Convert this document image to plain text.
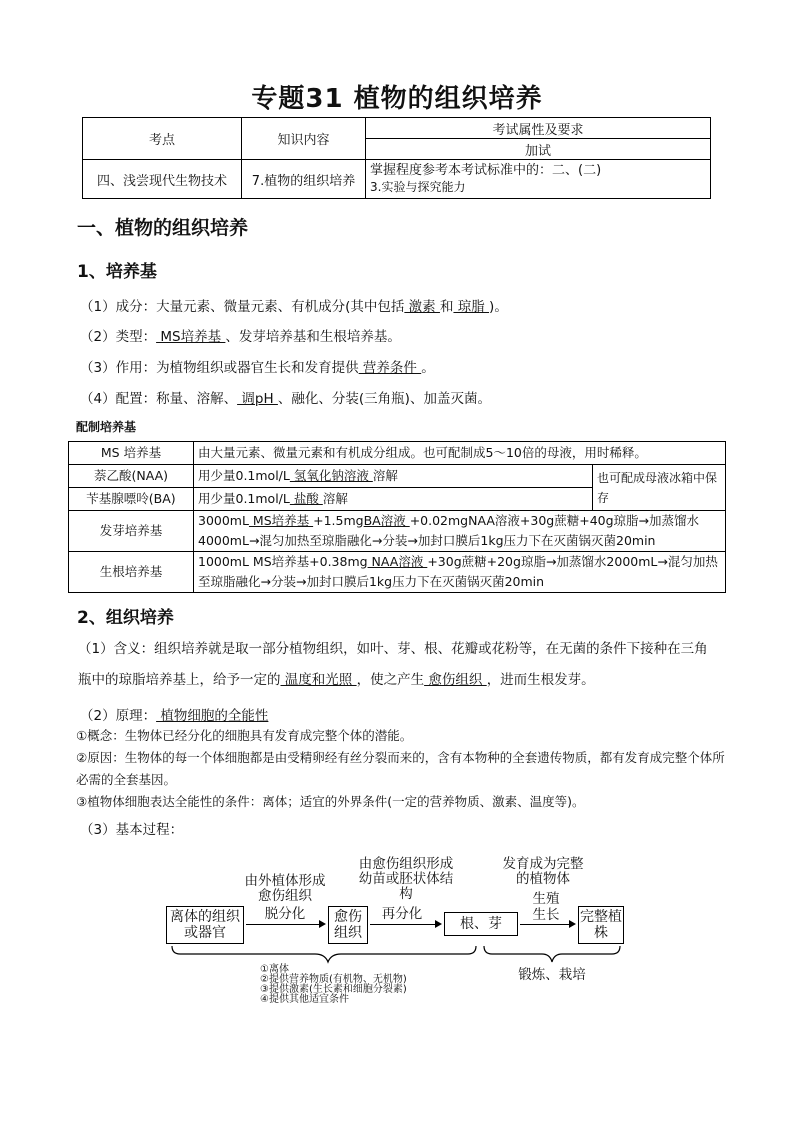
专题31 植物的组织培养
考点	知识内容	考试属性及要求
		加试
四、浅尝现代生物技术	7.植物的组织培养	掌握程度参考本考试标准中的：二、(二)
3.实验与探究能力
一、植物的组织培养
1、培养基
（1）成分：大量元素、微量元素、有机成分(其中包括 激素 和 琼脂 )。
（2）类型： MS培养基 、发芽培养基和生根培养基。
（3）作用：为植物组织或器官生长和发育提供 营养条件 。
（4）配置：称量、溶解、 调pH 、融化、分装(三角瓶)、加盖灭菌。
配制培养基
MS 培养基	由大量元素、微量元素和有机成分组成。也可配制成5～10倍的母液，用时稀释。	
萘乙酸(NAA)	用少量0.1mol/L 氢氧化钠溶液 溶解	也可配成母液冰箱中保存
苄基腺嘌呤(BA)	用少量0.1mol/L 盐酸 溶解	
发芽培养基	3000mL MS培养基 +1.5mgBA溶液 +0.02mgNAA溶液+30g蔗糖+40g琼脂→加蒸馏水4000mL→混匀加热至琼脂融化→分装→加封口膜后1kg压力下在灭菌锅灭菌20min	
生根培养基	1000mL MS培养基+0.38mg NAA溶液 +30g蔗糖+20g琼脂→加蒸馏水2000mL→混匀加热至琼脂融化→分装→加封口膜后1kg压力下在灭菌锅灭菌20min	
2、组织培养
（1）含义：组织培养就是取一部分植物组织，如叶、芽、根、花瓣或花粉等，在无菌的条件下接种在三角瓶中的琼脂培养基上，给予一定的 温度和光照 ，使之产生 愈伤组织 ，进而生根发芽。
（2）原理： 植物细胞的全能性
①概念：生物体已经分化的细胞具有发育成完整个体的潜能。
②原因：生物体的每一个体细胞都是由受精卵经有丝分裂而来的，含有本物种的全套遗传物质，都有发育成完整个体所必需的全套基因。
③植物体细胞表达全能性的条件：离体；适宜的外界条件(一定的营养物质、激素、温度等)。
（3）基本过程：
由外植体形成愈伤组织
由愈伤组织形成幼苗或胚状体结构
发育成为完整的植物体
离体的组织或器官
愈伤组织
根、芽	完整植株
脱分化	再分化
生殖
生长
①离体
②提供营养物质(有机物、无机物)
③提供激素(生长素和细胞分裂素)
④提供其他适宜条件
锻炼、栽培
